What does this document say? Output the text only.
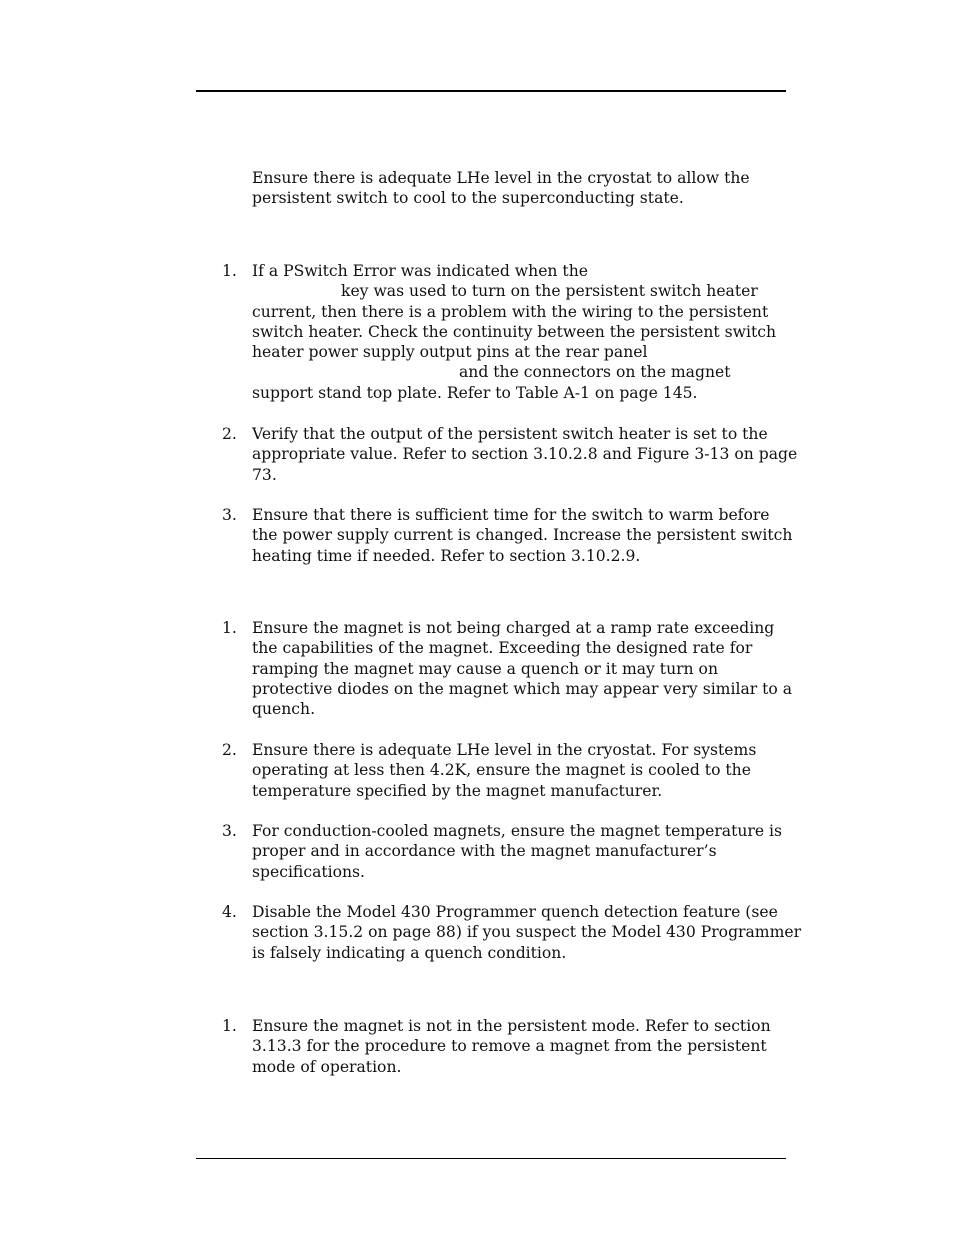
Ensure there is adequate LHe level in the cryostat to allow the
persistent switch to cool to the superconducting state.
1. If a PSwitch Error was indicated when the
key was used to turn on the persistent switch heater
current, then there is a problem with the wiring to the persistent
switch heater. Check the continuity between the persistent switch
heater power supply output pins at the rear panel
and the connectors on the magnet
support stand top plate. Refer to Table A-1 on page 145.
2. Verify that the output of the persistent switch heater is set to the
appropriate value. Refer to section 3.10.2.8 and Figure 3-13 on page
73.
3. Ensure that there is sufficient time for the switch to warm before
the power supply current is changed. Increase the persistent switch
heating time if needed. Refer to section 3.10.2.9.
1. Ensure the magnet is not being charged at a ramp rate exceeding
the capabilities of the magnet. Exceeding the designed rate for
ramping the magnet may cause a quench or it may turn on
protective diodes on the magnet which may appear very similar to a
quench.
2. Ensure there is adequate LHe level in the cryostat. For systems
operating at less then 4.2K, ensure the magnet is cooled to the
temperature specified by the magnet manufacturer.
3. For conduction-cooled magnets, ensure the magnet temperature is
proper and in accordance with the magnet manufacturer’s
specifications.
4. Disable the Model 430 Programmer quench detection feature (see
section 3.15.2 on page 88) if you suspect the Model 430 Programmer
is falsely indicating a quench condition.
1. Ensure the magnet is not in the persistent mode. Refer to section
3.13.3 for the procedure to remove a magnet from the persistent
mode of operation.
